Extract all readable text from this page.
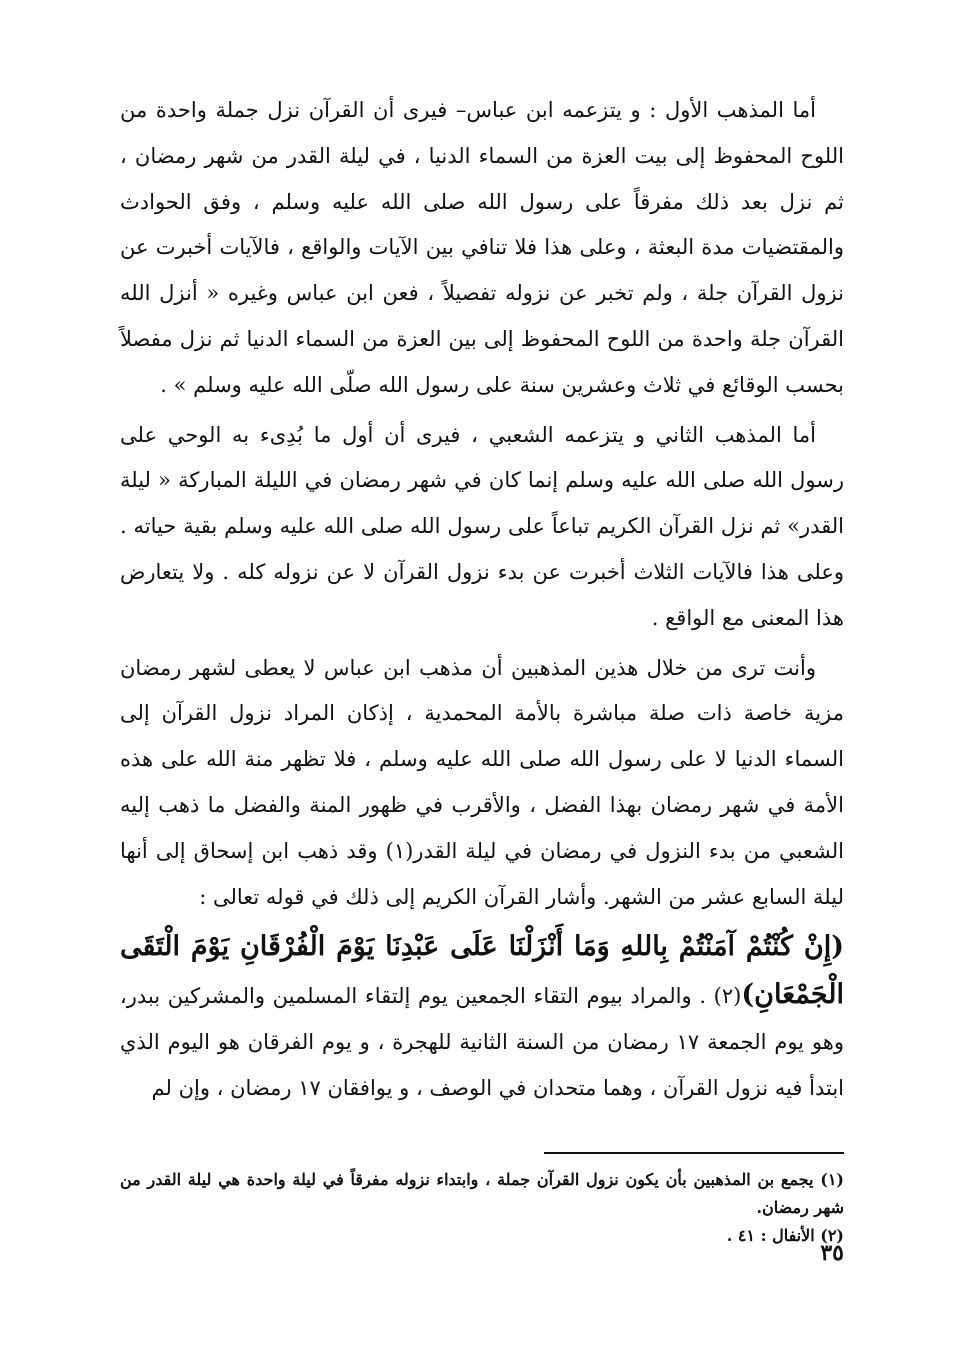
أما المذهب الأول : و يتزعمه ابن عباس– فيرى أن القرآن نزل جملة واحدة من اللوح المحفوظ إلى بيت العزة من السماء الدنيا ، في ليلة القدر من شهر رمضان ، ثم نزل بعد ذلك مفرقاً على رسول الله صلى الله عليه وسلم ، وفق الحوادث والمقتضيات مدة البعثة ، وعلى هذا فلا تنافي بين الآيات والواقع ، فالآيات أخبرت عن نزول القرآن جلة ، ولم تخبر عن نزوله تفصيلاً ، فعن ابن عباس وغيره « أنزل الله القرآن جلة واحدة من اللوح المحفوظ إلى بين العزة من السماء الدنيا ثم نزل مفصلاً بحسب الوقائع في ثلاث وعشرين سنة على رسول الله صلّى الله عليه وسلم » .

أما المذهب الثاني و يتزعمه الشعبي ، فيرى أن أول ما بُدِىء به الوحي على رسول الله صلى الله عليه وسلم إنما كان في شهر رمضان في الليلة المباركة « ليلة القدر» ثم نزل القرآن الكريم تباعاً على رسول الله صلى الله عليه وسلم بقية حياته . وعلى هذا فالآيات الثلاث أخبرت عن بدء نزول القرآن لا عن نزوله كله . ولا يتعارض هذا المعنى مع الواقع .

وأنت ترى من خلال هذين المذهبين أن مذهب ابن عباس لا يعطى لشهر رمضان مزية خاصة ذات صلة مباشرة بالأمة المحمدية ، إذكان المراد نزول القرآن إلى السماء الدنيا لا على رسول الله صلى الله عليه وسلم ، فلا تظهر منة الله على هذه الأمة في شهر رمضان بهذا الفضل ، والأقرب في ظهور المنة والفضل ما ذهب إليه الشعبي من بدء النزول في رمضان في ليلة القدر(١) وقد ذهب ابن إسحاق إلى أنها ليلة السابع عشر من الشهر. وأشار القرآن الكريم إلى ذلك في قوله تعالى :

(إِنْ كُنْتُمْ آمَنْتُمْ بِاللهِ وَمَا أَنْزَلْنَا عَلَى عَبْدِنَا يَوْمَ الْفُرْقَانِ يَوْمَ الْتَقَى الْجَمْعَانِ)(٢) . والمراد بيوم التقاء الجمعين يوم إلتقاء المسلمين والمشركين ببدر، وهو يوم الجمعة ١٧ رمضان من السنة الثانية للهجرة ، و يوم الفرقان هو اليوم الذي ابتدأ فيه نزول القرآن ، وهما متحدان في الوصف ، و يوافقان ١٧ رمضان ، وإن لم

(١) يجمع بن المذهبين بأن يكون نزول القرآن جملة ، وابتداء نزوله مفرقاً في ليلة واحدة هي ليلة القدر من شهر رمضان.

(٢) الأنفال : ٤١ .

٣٥
